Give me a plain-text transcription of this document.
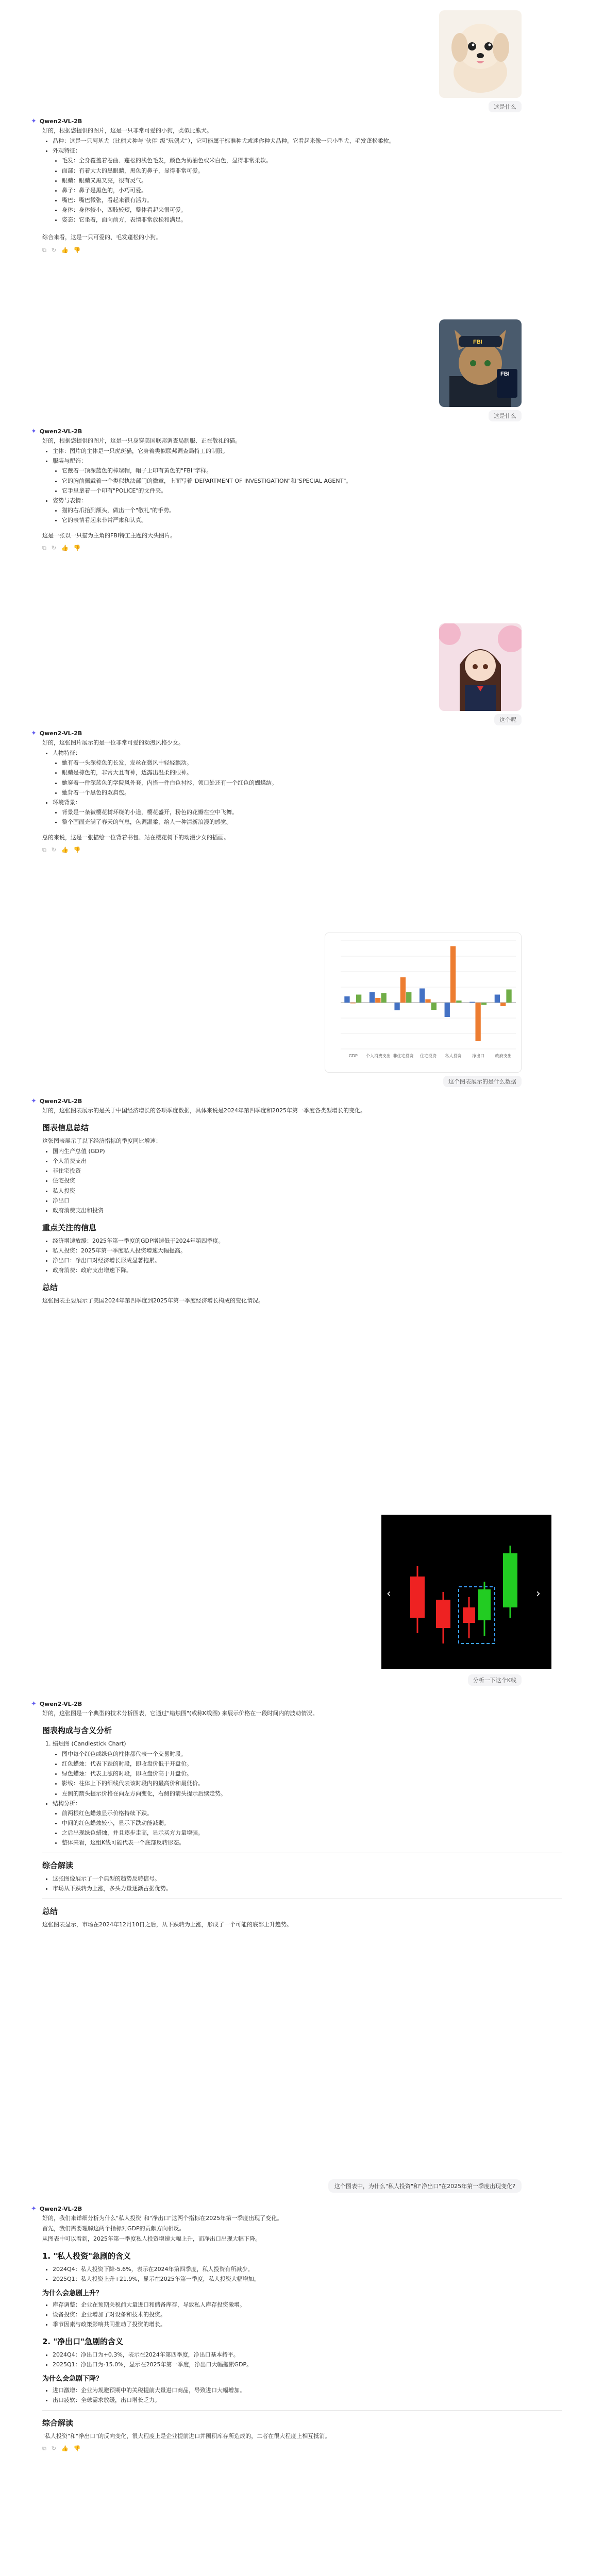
这是什么
✦ Qwen2-VL-2B

好的，根据您提供的图片，这是一只非常可爱的小狗，类似比熊犬。

• 品种：这是一只阿基犬（比熊犬种与"伙伴"级"玩偶犬"），它可能属于标准种犬或迷你种犬品种。它看起来像一只小型犬，毛发蓬松柔软。
• 外观特征：
• 毛发：全身覆盖着卷曲、蓬松的浅色毛发，颜色为奶油色或米白色，显得非常柔软。
• 面部：有着大大的黑眼睛，黑色的鼻子，显得非常可爱。
• 眼睛：眼睛又黑又亮，很有灵气。
• 鼻子：鼻子是黑色的，小巧可爱。
• 嘴巴：嘴巴微张，看起来很有活力。
• 身体：身体较小，四肢较短，整体看起来很可爱。
• 姿态：它坐着，面向前方，表情非常放松和满足。

综合来看，这是一只可爱的、毛发蓬松的小狗。

⧉ ↻ 👍 👎
FBI
FBI
这是什么
✦ Qwen2-VL-2B

好的，根据您提供的图片，这是一只身穿美国联邦调查局制服、正在敬礼的猫。

• 主体：图片的主体是一只虎斑猫，它身着类似联邦调查局特工的制服。
• 服装与配饰：
• 它戴着一顶深蓝色的棒球帽，帽子上印有黄色的"FBI"字样。
• 它的胸前佩戴着一个类似执法部门的徽章，上面写着"DEPARTMENT OF INVESTIGATION"和"SPECIAL AGENT"。
• 它手里拿着一个印有"POLICE"的文件夹。
• 姿势与表情：
• 猫的右爪抬到额头，做出一个"敬礼"的手势。
• 它的表情看起来非常严肃和认真。

这是一张以一只猫为主角的FBI特工主题的大头图片。

⧉ ↻ 👍 👎
这个呢
✦ Qwen2-VL-2B

好的，这张图片展示的是一位非常可爱的动漫风格少女。

• 人物特征：
• 她有着一头深棕色的长发，发丝在微风中轻轻飘动。
• 眼睛是棕色的，非常大且有神，透露出温柔的眼神。
• 她穿着一件深蓝色的学院风外套，内搭一件白色衬衫，领口处还有一个红色的蝴蝶结。
• 她背着一个黑色的双肩包。
• 环境背景：
• 背景是一条被樱花树环绕的小道，樱花盛开，粉色的花瓣在空中飞舞。
• 整个画面充满了春天的气息，色调温柔，给人一种清新浪漫的感觉。

总的来说，这是一张描绘一位背着书包、站在樱花树下的动漫少女的插画。

⧉ ↻ 👍 👎
GDP 个人消费支出 非住宅投资 住宅投资 私人投资	净出口	政府支出
这个图表展示的是什么数据
✦ Qwen2-VL-2B

好的，这张图表展示的是关于中国经济增长的各项季度数据，具体来说是2024年第四季度和2025年第一季度各类型增长的变化。

图表信息总结

这张图表展示了以下经济指标的季度同比增速：

• 国内生产总值 (GDP)
• 个人消费支出
• 非住宅投资
• 住宅投资
• 私人投资
• 净出口
• 政府消费支出和投资
重点关注的信息
• 经济增速放缓：2025年第一季度的GDP增速低于2024年第四季度。
• 私人投资：2025年第一季度私人投资增速大幅提高。
• 净出口：净出口对经济增长形成显著拖累。
• 政府消费：政府支出增速下降。
总结

这张图表主要展示了美国2024年第四季度到2025年第一季度经济增长构成的变化情况。

‹	›
分析一下这个K线
✦ Qwen2-VL-2B

好的，这张图是一个典型的技术分析图表，它通过"蜡烛图"(或称K线图) 来展示价格在一段时间内的波动情况。

图表构成与含义分析
1. 蜡烛图 (Candlestick Chart)
• 图中每个红色或绿色的柱体都代表一个交易时段。
• 红色蜡烛：代表下跌的时段，即收盘价低于开盘价。
• 绿色蜡烛：代表上涨的时段，即收盘价高于开盘价。
• 影线：柱体上下的细线代表该时段内的最高价和最低价。
• 左侧的箭头提示价格在向左方向变化，右侧的箭头提示后续走势。
• 结构分析：
• 前两根红色蜡烛显示价格持续下跌。
• 中间的红色蜡烛较小，显示下跌动能减弱。
• 之后出现绿色蜡烛，并且逐步走高，显示买方力量增强。
• 整体来看，这组K线可能代表一个底部反转形态。
综合解读
• 这张图像展示了一个典型的趋势反转信号。
• 市场从下跌转为上涨，多头力量逐渐占据优势。
总结

这张图表显示，市场在2024年12月10日之后，从下跌转为上涨，形成了一个可能的底部上升趋势。

这个图表中，为什么"私人投资"和"净出口"在2025年第一季度出现变化?
✦ Qwen2-VL-2B

好的，我们来详细分析为什么"私人投资"和"净出口"这两个指标在2025年第一季度出现了变化。

首先，我们需要理解这两个指标对GDP的贡献方向相反。

从图表中可以看到，2025年第一季度私人投资增速大幅上升，而净出口出现大幅下降。

1. "私人投资"急剧的含义
• 2024Q4：私人投资下降-5.6%，表示在2024年第四季度，私人投资有所减少。
• 2025Q1：私人投资上升+21.9%，显示在2025年第一季度，私人投资大幅增加。
为什么会急剧上升？
• 库存调整：企业在预期关税前大量进口和储备库存，导致私人库存投资激增。
• 设备投资：企业增加了对设备和技术的投资。
• 季节因素与政策影响共同推动了投资的增长。
2. "净出口"急剧的含义
• 2024Q4：净出口为+0.3%，表示在2024年第四季度，净出口基本持平。
• 2025Q1：净出口为-15.0%，显示在2025年第一季度，净出口大幅拖累GDP。
为什么会急剧下降？
• 进口激增：企业为规避预期中的关税提前大量进口商品，导致进口大幅增加。
• 出口疲软：全球需求放缓，出口增长乏力。
综合解读

"私人投资"和"净出口"的反向变化，很大程度上是企业提前进口并囤积库存所造成的，二者在很大程度上相互抵消。

⧉ ↻ 👍 👎
